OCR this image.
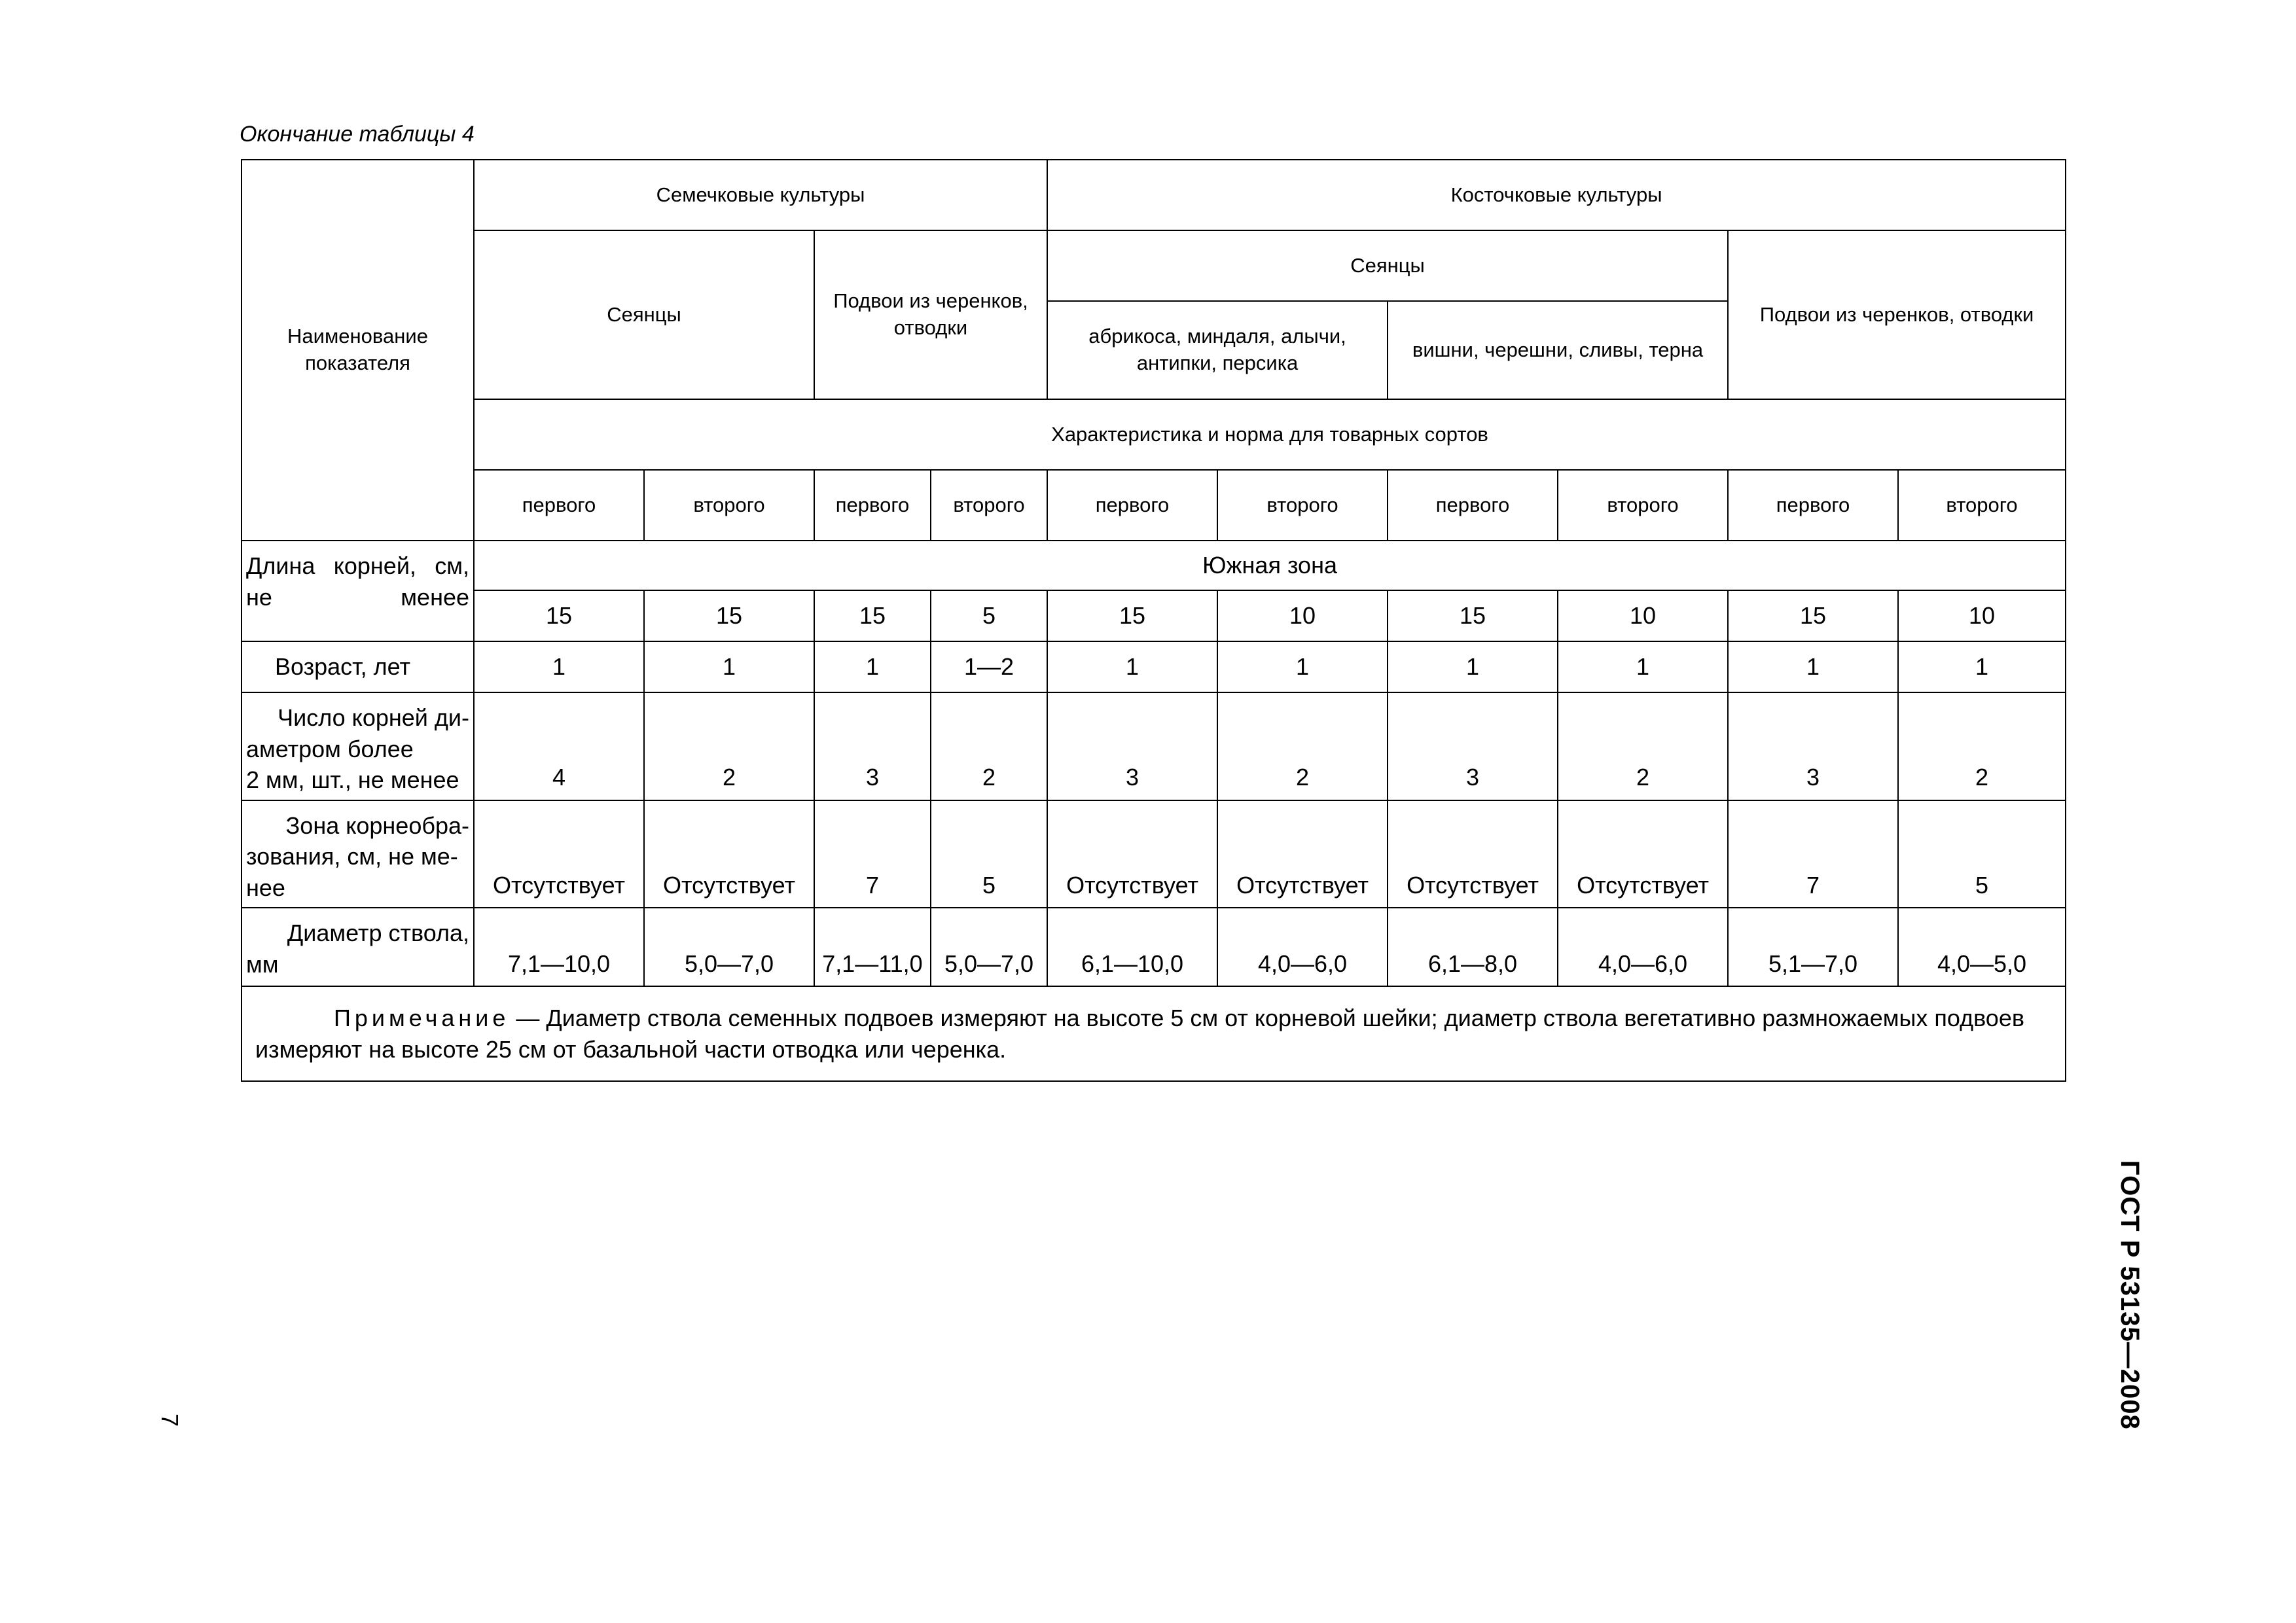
Окончание таблицы 4
Наименование показателя	Семечковые культуры				Косточковые культуры					
	Сеянцы		Подвои из черенков, отводки		Сеянцы				Подвои из черенков, отводки	
					абрикоса, миндаля, алычи, антипки, персика		вишни, черешни, сливы, терна			
	Характеристика и норма для товарных сортов									
	первого	второго	первого	второго	первого	второго	первого	второго	первого	второго

Длина корней, см, не менее	Южная зона									
	15	15	15	5	15	10	15	10	15	10
Возраст, лет	1	1	1	1—2	1	1	1	1	1	1

Число корней ди-
аметром более
2 мм, шт., не менее	4	2	3	2	3	2	3	2	3	2

Зона корнеобра-
зования, см, не ме-
нее	Отсутствует	Отсутствует	7	5	Отсутствует	Отсутствует	Отсутствует	Отсутствует	7	5

Диаметр ствола,
мм	7,1—10,0	5,0—7,0	7,1—11,0	5,0—7,0	6,1—10,0	4,0—6,0	6,1—8,0	4,0—6,0	5,1—7,0	4,0—5,0
Примечание — Диаметр ствола семенных подвоев измеряют на высоте 5 см от корневой шейки; диаметр ствола вегетативно размножаемых подвоев измеряют на высоте 25 см от базальной части отводка или черенка.										
7	ГОСТ Р 53135—2008
